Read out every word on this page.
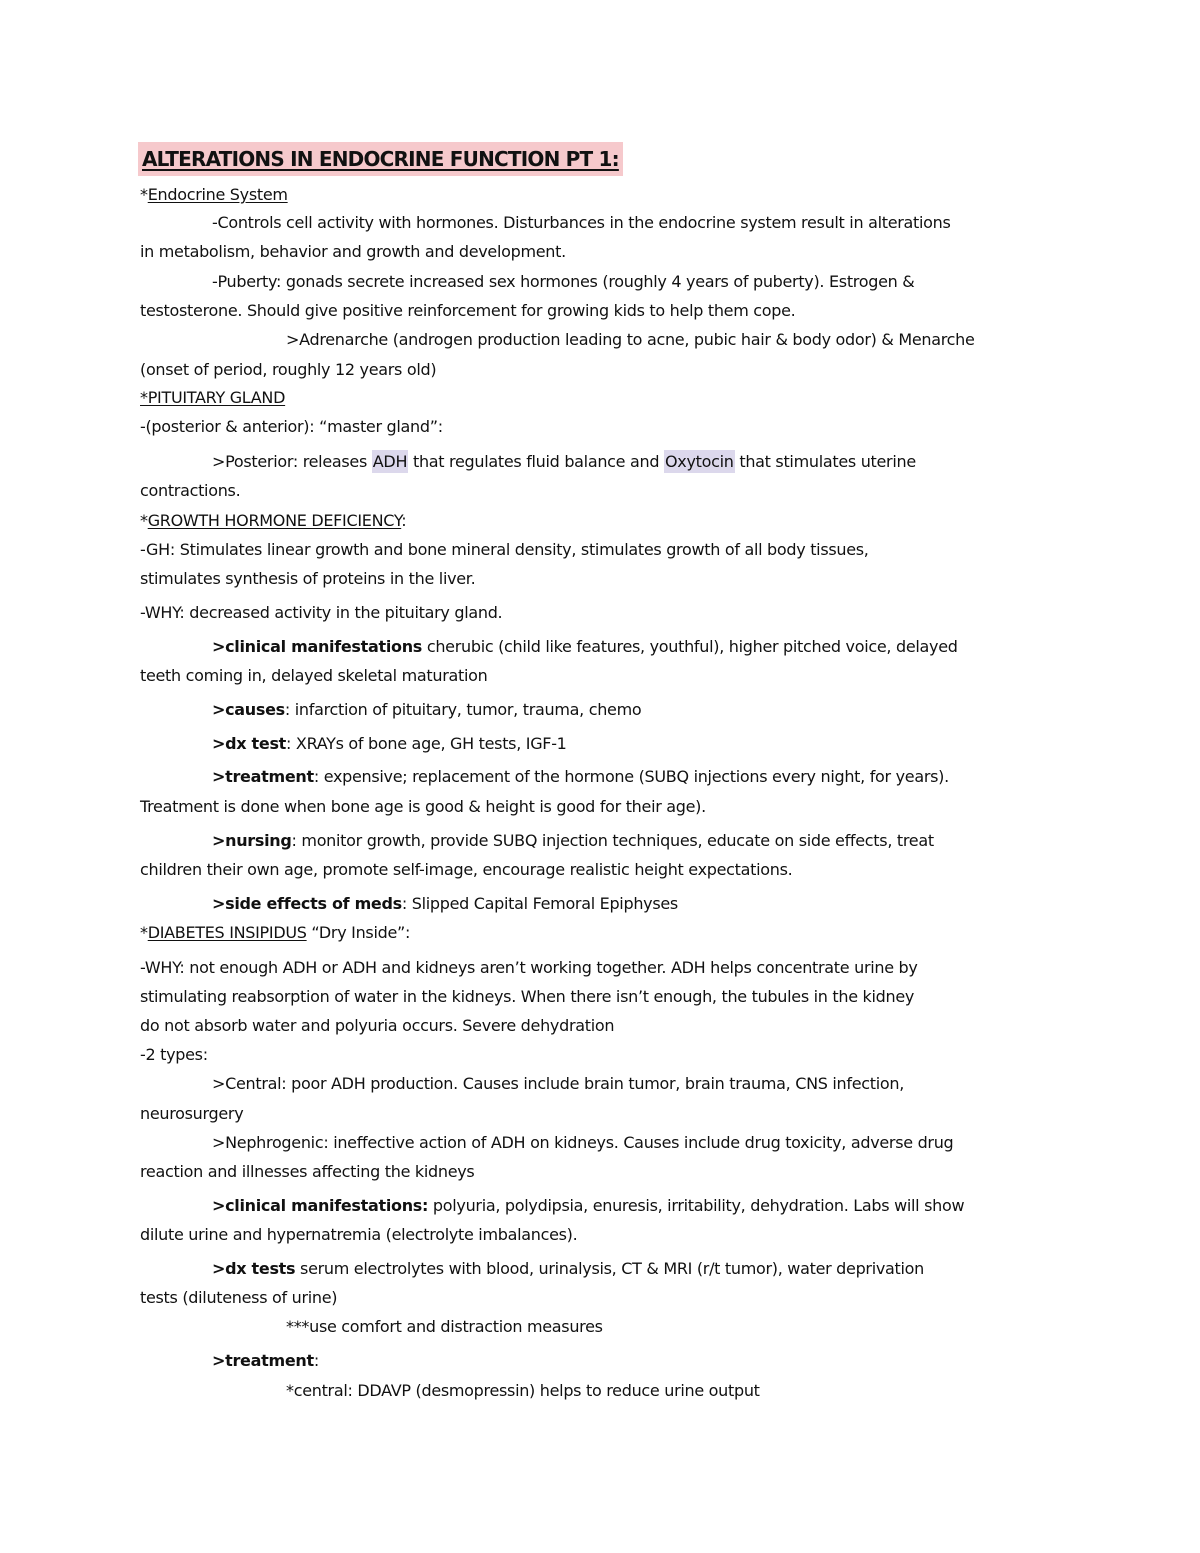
ALTERATIONS IN ENDOCRINE FUNCTION PT 1:

*Endocrine System

-Controls cell activity with hormones. Disturbances in the endocrine system result in alterations

in metabolism, behavior and growth and development.

-Puberty: gonads secrete increased sex hormones (roughly 4 years of puberty). Estrogen &

testosterone. Should give positive reinforcement for growing kids to help them cope.

>Adrenarche (androgen production leading to acne, pubic hair & body odor) & Menarche

(onset of period, roughly 12 years old)

*PITUITARY GLAND

-(posterior & anterior): “master gland”:

>Posterior: releases ADH that regulates fluid balance and Oxytocin that stimulates uterine

contractions.

*GROWTH HORMONE DEFICIENCY:

-GH: Stimulates linear growth and bone mineral density, stimulates growth of all body tissues,

stimulates synthesis of proteins in the liver.

-WHY: decreased activity in the pituitary gland.

>clinical manifestations cherubic (child like features, youthful), higher pitched voice, delayed

teeth coming in, delayed skeletal maturation

>causes: infarction of pituitary, tumor, trauma, chemo

>dx test: XRAYs of bone age, GH tests, IGF-1

>treatment: expensive; replacement of the hormone (SUBQ injections every night, for years).

Treatment is done when bone age is good & height is good for their age).

>nursing: monitor growth, provide SUBQ injection techniques, educate on side effects, treat

children their own age, promote self-image, encourage realistic height expectations.

>side effects of meds: Slipped Capital Femoral Epiphyses

*DIABETES INSIPIDUS “Dry Inside”:

-WHY: not enough ADH or ADH and kidneys aren’t working together. ADH helps concentrate urine by

stimulating reabsorption of water in the kidneys. When there isn’t enough, the tubules in the kidney

do not absorb water and polyuria occurs. Severe dehydration

-2 types:

>Central: poor ADH production. Causes include brain tumor, brain trauma, CNS infection,

neurosurgery

>Nephrogenic: ineffective action of ADH on kidneys. Causes include drug toxicity, adverse drug

reaction and illnesses affecting the kidneys

>clinical manifestations: polyuria, polydipsia, enuresis, irritability, dehydration. Labs will show

dilute urine and hypernatremia (electrolyte imbalances).

>dx tests serum electrolytes with blood, urinalysis, CT & MRI (r/t tumor), water deprivation

tests (diluteness of urine)

***use comfort and distraction measures

>treatment:

*central: DDAVP (desmopressin) helps to reduce urine output
